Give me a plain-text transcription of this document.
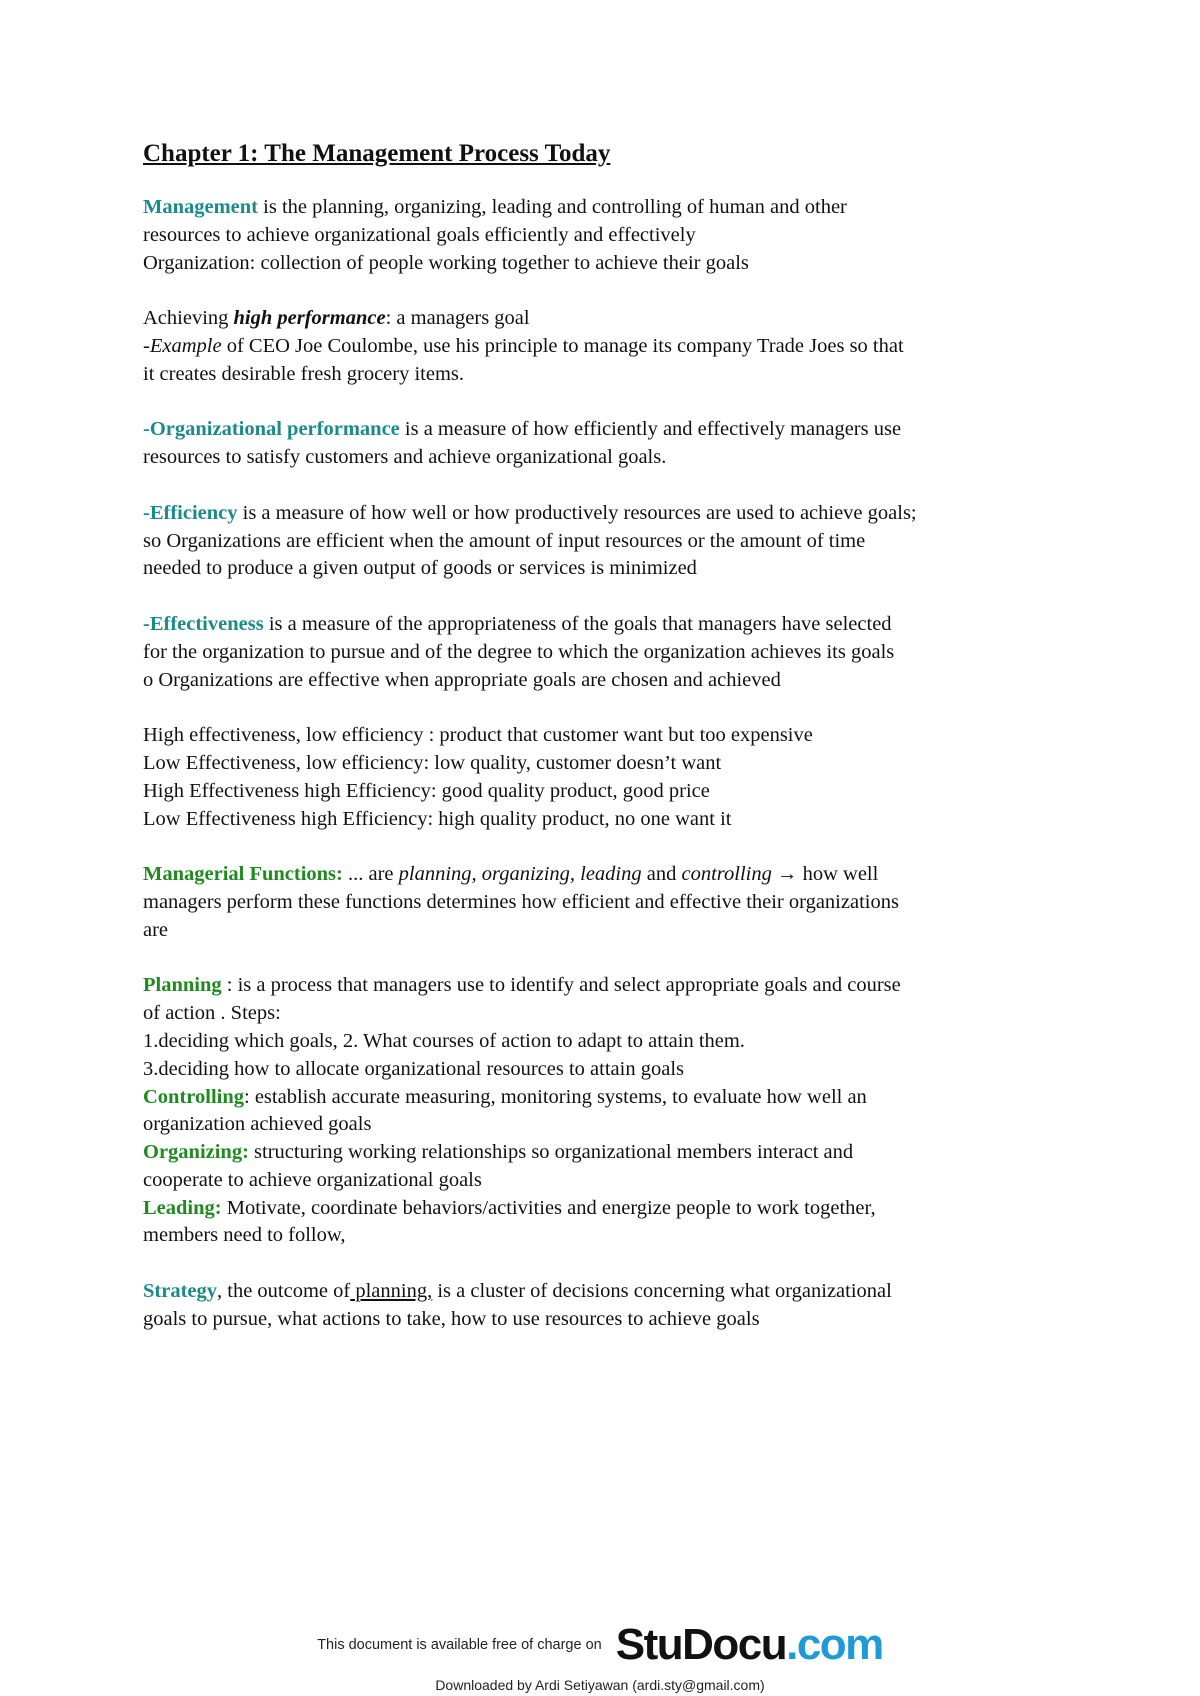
Chapter 1: The Management Process Today
Management is the planning, organizing, leading and controlling of human and other
resources to achieve organizational goals efficiently and effectively
Organization: collection of people working together to achieve their goals
Achieving high performance: a managers goal
-Example of CEO Joe Coulombe, use his principle to manage its company Trade Joes so that
it creates desirable fresh grocery items.
-Organizational performance is a measure of how efficiently and effectively managers use
resources to satisfy customers and achieve organizational goals.
-Efficiency is a measure of how well or how productively resources are used to achieve goals;
so Organizations are efficient when the amount of input resources or the amount of time
needed to produce a given output of goods or services is minimized
-Effectiveness is a measure of the appropriateness of the goals that managers have selected
for the organization to pursue and of the degree to which the organization achieves its goals
o Organizations are effective when appropriate goals are chosen and achieved
High effectiveness, low efficiency : product that customer want but too expensive
Low Effectiveness, low efficiency: low quality, customer doesn’t want
High Effectiveness high Efficiency: good quality product, good price
Low Effectiveness high Efficiency: high quality product, no one want it
Managerial Functions: ... are planning, organizing, leading and controlling → how well
managers perform these functions determines how efficient and effective their organizations
are
Planning : is a process that managers use to identify and select appropriate goals and course
of action . Steps:
1.deciding which goals, 2. What courses of action to adapt to attain them.
3.deciding how to allocate organizational resources to attain goals
Controlling: establish accurate measuring, monitoring systems, to evaluate how well an
organization achieved goals
Organizing: structuring working relationships so organizational members interact and
cooperate to achieve organizational goals
Leading: Motivate, coordinate behaviors/activities and energize people to work together,
members need to follow,
Strategy, the outcome of planning, is a cluster of decisions concerning what organizational
goals to pursue, what actions to take, how to use resources to achieve goals
This document is available free of charge on StuDocu.com
Downloaded by Ardi Setiyawan (ardi.sty@gmail.com)
